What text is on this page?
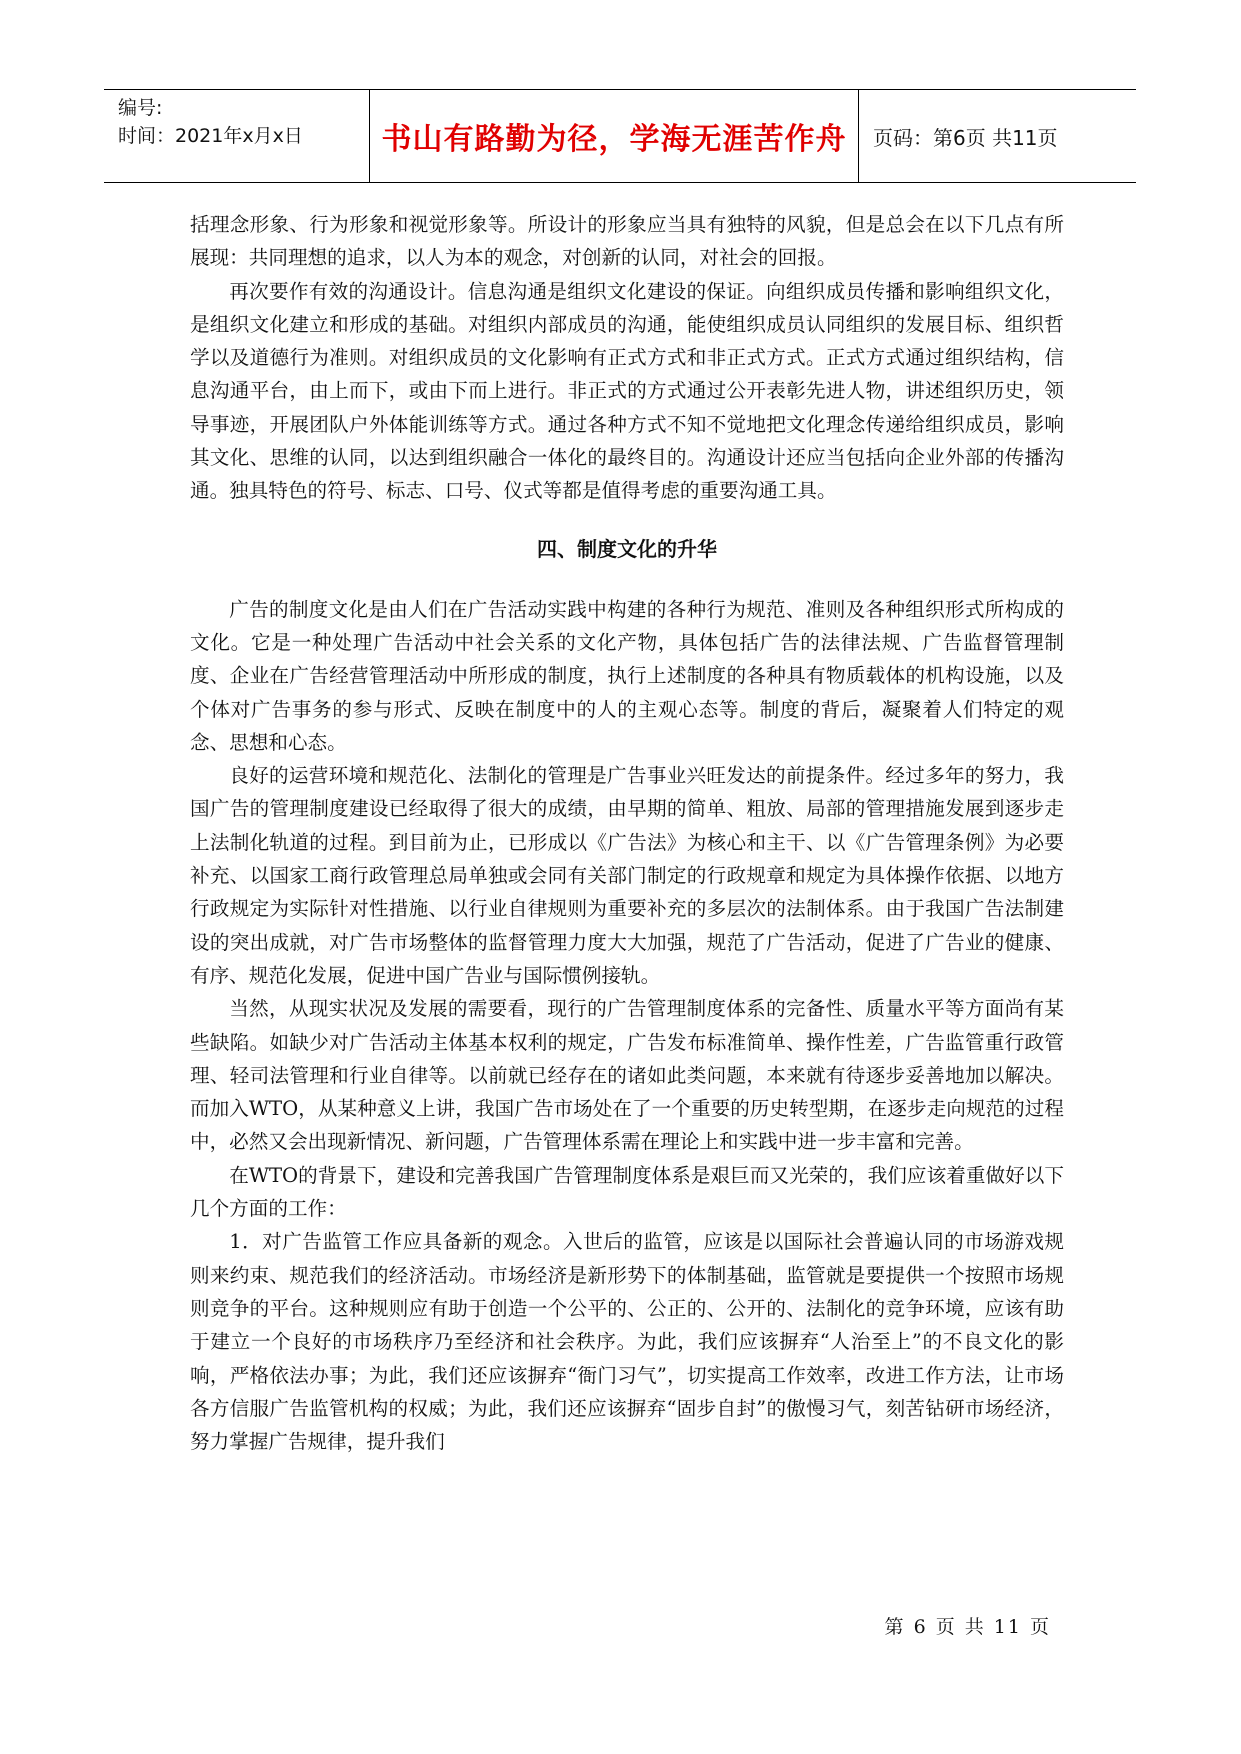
编号:
时间：2021年x月x日	书山有路勤为径，学海无涯苦作舟	页码：第6页 共11页

括理念形象、行为形象和视觉形象等。所设计的形象应当具有独特的风貌，但是总会在以下几点有所展现：共同理想的追求，以人为本的观念，对创新的认同，对社会的回报。

再次要作有效的沟通设计。信息沟通是组织文化建设的保证。向组织成员传播和影响组织文化，是组织文化建立和形成的基础。对组织内部成员的沟通，能使组织成员认同组织的发展目标、组织哲学以及道德行为准则。对组织成员的文化影响有正式方式和非正式方式。正式方式通过组织结构，信息沟通平台，由上而下，或由下而上进行。非正式的方式通过公开表彰先进人物，讲述组织历史，领导事迹，开展团队户外体能训练等方式。通过各种方式不知不觉地把文化理念传递给组织成员，影响其文化、思维的认同，以达到组织融合一体化的最终目的。沟通设计还应当包括向企业外部的传播沟通。独具特色的符号、标志、口号、仪式等都是值得考虑的重要沟通工具。

四、制度文化的升华

广告的制度文化是由人们在广告活动实践中构建的各种行为规范、准则及各种组织形式所构成的文化。它是一种处理广告活动中社会关系的文化产物，具体包括广告的法律法规、广告监督管理制度、企业在广告经营管理活动中所形成的制度，执行上述制度的各种具有物质载体的机构设施，以及个体对广告事务的参与形式、反映在制度中的人的主观心态等。制度的背后，凝聚着人们特定的观念、思想和心态。

良好的运营环境和规范化、法制化的管理是广告事业兴旺发达的前提条件。经过多年的努力，我国广告的管理制度建设已经取得了很大的成绩，由早期的简单、粗放、局部的管理措施发展到逐步走上法制化轨道的过程。到目前为止，已形成以《广告法》为核心和主干、以《广告管理条例》为必要补充、以国家工商行政管理总局单独或会同有关部门制定的行政规章和规定为具体操作依据、以地方行政规定为实际针对性措施、以行业自律规则为重要补充的多层次的法制体系。由于我国广告法制建设的突出成就，对广告市场整体的监督管理力度大大加强，规范了广告活动，促进了广告业的健康、有序、规范化发展，促进中国广告业与国际惯例接轨。

当然，从现实状况及发展的需要看，现行的广告管理制度体系的完备性、质量水平等方面尚有某些缺陷。如缺少对广告活动主体基本权利的规定，广告发布标准简单、操作性差，广告监管重行政管理、轻司法管理和行业自律等。以前就已经存在的诸如此类问题，本来就有待逐步妥善地加以解决。而加入WTO，从某种意义上讲，我国广告市场处在了一个重要的历史转型期，在逐步走向规范的过程中，必然又会出现新情况、新问题，广告管理体系需在理论上和实践中进一步丰富和完善。

在WTO的背景下，建设和完善我国广告管理制度体系是艰巨而又光荣的，我们应该着重做好以下几个方面的工作：

1．对广告监管工作应具备新的观念。入世后的监管，应该是以国际社会普遍认同的市场游戏规则来约束、规范我们的经济活动。市场经济是新形势下的体制基础，监管就是要提供一个按照市场规则竞争的平台。这种规则应有助于创造一个公平的、公正的、公开的、法制化的竞争环境，应该有助于建立一个良好的市场秩序乃至经济和社会秩序。为此，我们应该摒弃“人治至上”的不良文化的影响，严格依法办事；为此，我们还应该摒弃“衙门习气”，切实提高工作效率，改进工作方法，让市场各方信服广告监管机构的权威；为此，我们还应该摒弃“固步自封”的傲慢习气，刻苦钻研市场经济，努力掌握广告规律，提升我们

第 6 页 共 11 页
